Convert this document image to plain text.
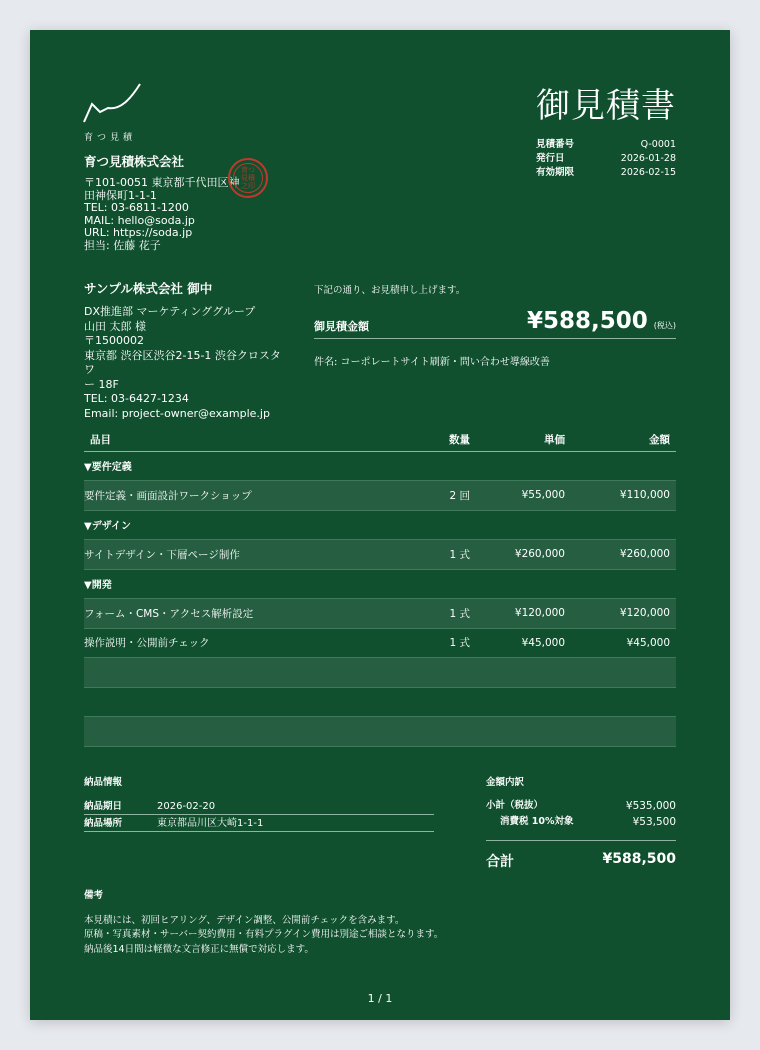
育つ見積
御見積書
見積番号	Q-0001
発行日	2026-01-28
有効期限	2026-02-15
育つ見積株式会社
〒101-0051 東京都千代田区神
田神保町1-1-1
TEL: 03-6811-1200
MAIL: hello@soda.jp
URL: https://soda.jp
担当: 佐藤 花子
育つ
見積
之印
サンプル株式会社 御中
DX推進部 マーケティンググループ
山田 太郎 様
〒1500002
東京都 渋谷区渋谷2-15-1 渋谷クロスタワ
ー 18F
TEL: 03-6427-1234
Email: project-owner@example.jp
下記の通り、お見積申し上げます。
御見積金額	¥588,500 (税込)
件名: コーポレートサイト刷新・問い合わせ導線改善
品目	数量	単価	金額
▼要件定義			
要件定義・画面設計ワークショップ	2 回	¥55,000	¥110,000
▼デザイン			
サイトデザイン・下層ページ制作	1 式	¥260,000	¥260,000
▼開発			
フォーム・CMS・アクセス解析設定	1 式	¥120,000	¥120,000
操作説明・公開前チェック	1 式	¥45,000	¥45,000

納品情報
納品期日	2026-02-20
納品場所	東京都品川区大崎1-1-1
金額内訳
小計（税抜）	¥535,000
消費税 10%対象	¥53,500
合計	¥588,500
備考
本見積には、初回ヒアリング、デザイン調整、公開前チェックを含みます。
原稿・写真素材・サーバー契約費用・有料プラグイン費用は別途ご相談となります。
納品後14日間は軽微な文言修正に無償で対応します。
1 / 1
